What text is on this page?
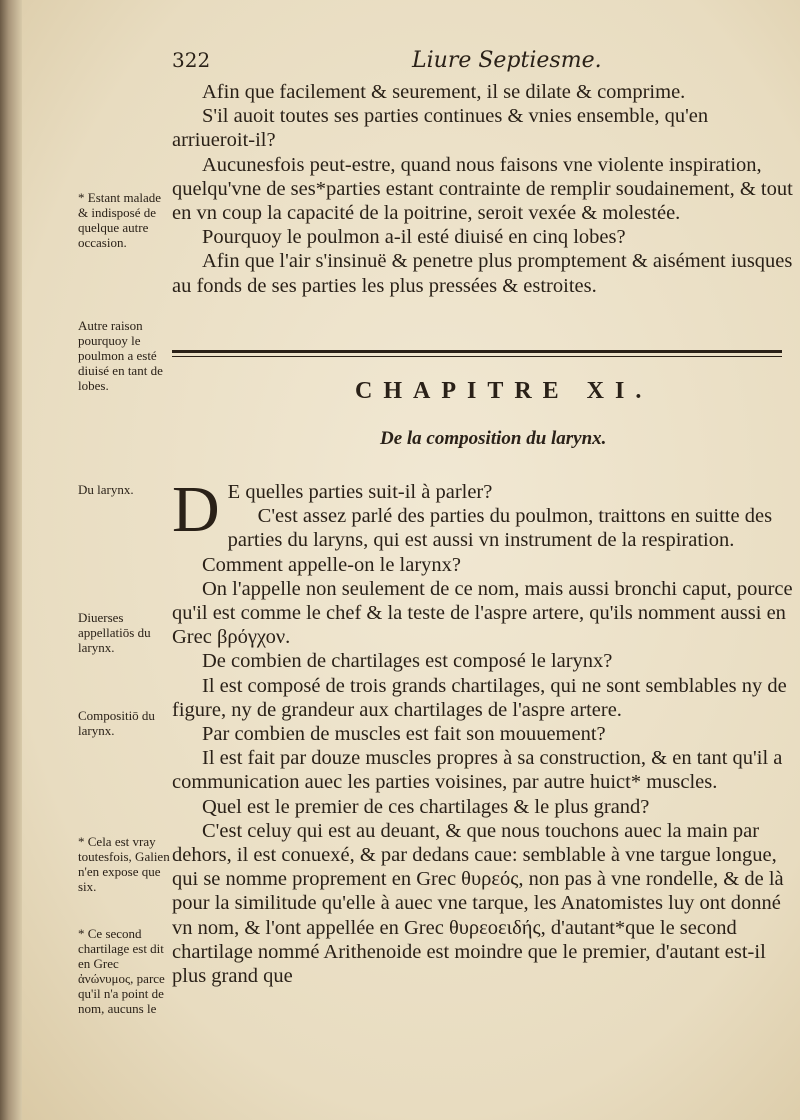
322	Liure Septiesme.

Afin que facilement & seurement, il se dilate & comprime.

S'il auoit toutes ses parties continues & vnies ensemble, qu'en arriueroit-il?

Aucunesfois peut-estre, quand nous faisons vne violente inspiration, quelqu'vne de ses*parties estant contrainte de remplir soudainement, & tout en vn coup la capacité de la poitrine, seroit vexée & molestée.

Pourquoy le poulmon a-il esté diuisé en cinq lobes?

Afin que l'air s'insinuë & penetre plus promptement & aisément iusques au fonds de ses parties les plus pressées & estroites.

D E quelles parties suit-il à parler?

C'est assez parlé des parties du poulmon, traittons en suitte des parties du laryns, qui est aussi vn instrument de la respiration.

Comment appelle-on le larynx?

On l'appelle non seulement de ce nom, mais aussi bronchi caput, pource qu'il est comme le chef & la teste de l'aspre artere, qu'ils nomment aussi en Grec βρόγχον.

De combien de chartilages est composé le larynx?

Il est composé de trois grands chartilages, qui ne sont semblables ny de figure, ny de grandeur aux chartilages de l'aspre artere.

Par combien de muscles est fait son mouuement?

Il est fait par douze muscles propres à sa construction, & en tant qu'il a communication auec les parties voisines, par autre huict* muscles.

Quel est le premier de ces chartilages & le plus grand?

C'est celuy qui est au deuant, & que nous touchons auec la main par dehors, il est conuexé, & par dedans caue: semblable à vne targue longue, qui se nomme proprement en Grec θυρεός, non pas à vne rondelle, & de là pour la similitude qu'elle à auec vne tarque, les Anatomistes luy ont donné vn nom, & l'ont appellée en Grec θυρεοειδής, d'autant*que le second chartilage nommé Arithenoide est moindre que le premier, d'autant est-il plus grand que

CHAPITRE XI.
De la composition du larynx.
* Estant malade & indisposé de quelque autre occasion.
Autre raison pourquoy le poulmon a esté diuisé en tant de lobes.
Du larynx.
Diuerses appellatiōs du larynx.
Compositiō du larynx.
* Cela est vray toutesfois, Galien n'en expose que six.
* Ce second chartilage est dit en Grec ἀνώνυμος, parce qu'il n'a point de nom, aucuns le
